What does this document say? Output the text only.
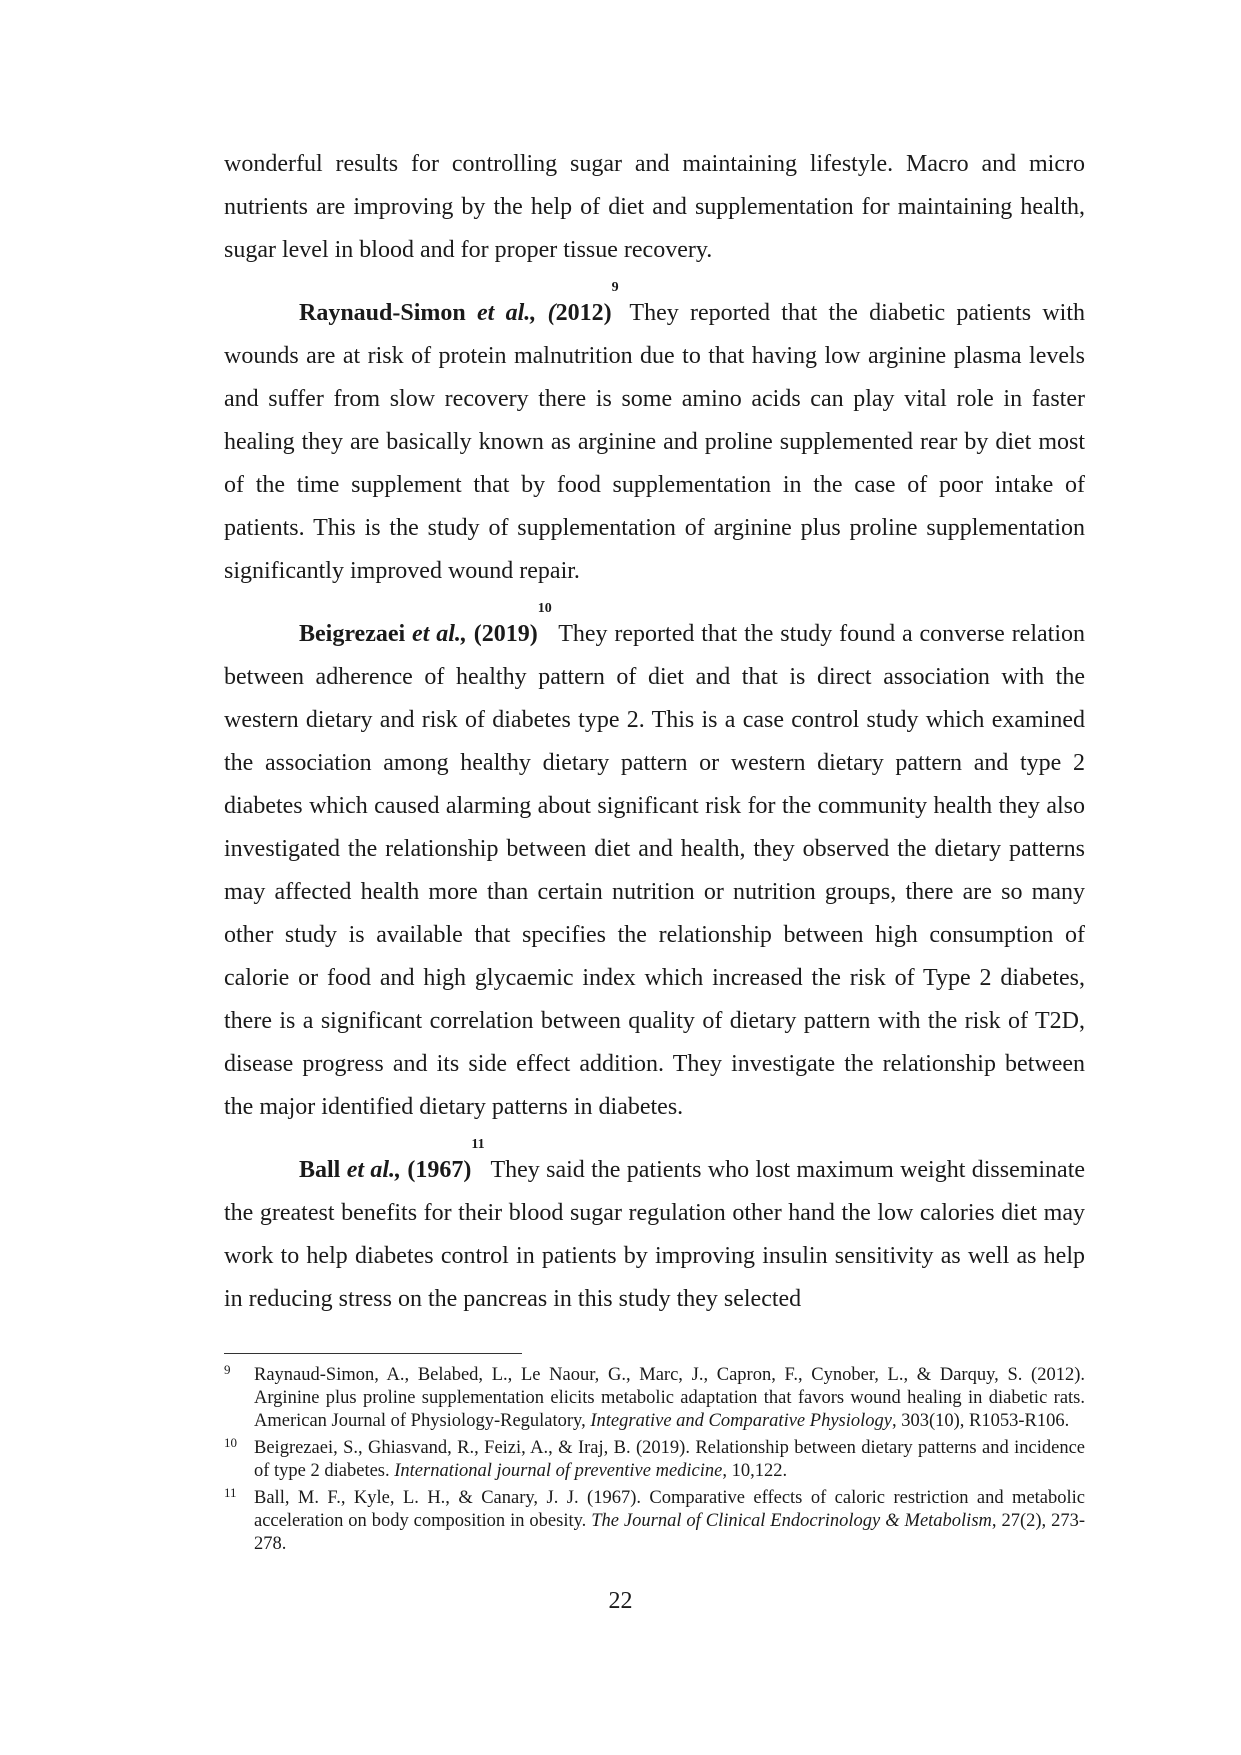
wonderful results for controlling sugar and maintaining lifestyle. Macro and micro nutrients are improving by the help of diet and supplementation for maintaining health, sugar level in blood and for proper tissue recovery.

Raynaud-Simon et al., (2012)$^9$ They reported that the diabetic patients with wounds are at risk of protein malnutrition due to that having low arginine plasma levels and suffer from slow recovery there is some amino acids can play vital role in faster healing they are basically known as arginine and proline supplemented rear by diet most of the time supplement that by food supplementation in the case of poor intake of patients. This is the study of supplementation of arginine plus proline supplementation significantly improved wound repair.

Beigrezaei et al., (2019)$^{10}$ They reported that the study found a converse relation between adherence of healthy pattern of diet and that is direct association with the western dietary and risk of diabetes type 2. This is a case control study which examined the association among healthy dietary pattern or western dietary pattern and type 2 diabetes which caused alarming about significant risk for the community health they also investigated the relationship between diet and health, they observed the dietary patterns may affected health more than certain nutrition or nutrition groups, there are so many other study is available that specifies the relationship between high consumption of calorie or food and high glycaemic index which increased the risk of Type 2 diabetes, there is a significant correlation between quality of dietary pattern with the risk of T2D, disease progress and its side effect addition. They investigate the relationship between the major identified dietary patterns in diabetes.

Ball et al., (1967)$^{11}$ They said the patients who lost maximum weight disseminate the greatest benefits for their blood sugar regulation other hand the low calories diet may work to help diabetes control in patients by improving insulin sensitivity as well as help in reducing stress on the pancreas in this study they selected

9 Raynaud-Simon, A., Belabed, L., Le Naour, G., Marc, J., Capron, F., Cynober, L., & Darquy, S. (2012). Arginine plus proline supplementation elicits metabolic adaptation that favors wound healing in diabetic rats. American Journal of Physiology-Regulatory, Integrative and Comparative Physiology, 303(10), R1053-R106.
10 Beigrezaei, S., Ghiasvand, R., Feizi, A., & Iraj, B. (2019). Relationship between dietary patterns and incidence of type 2 diabetes. International journal of preventive medicine, 10,122.
11 Ball, M. F., Kyle, L. H., & Canary, J. J. (1967). Comparative effects of caloric restriction and metabolic acceleration on body composition in obesity. The Journal of Clinical Endocrinology & Metabolism, 27(2), 273-278.
22
